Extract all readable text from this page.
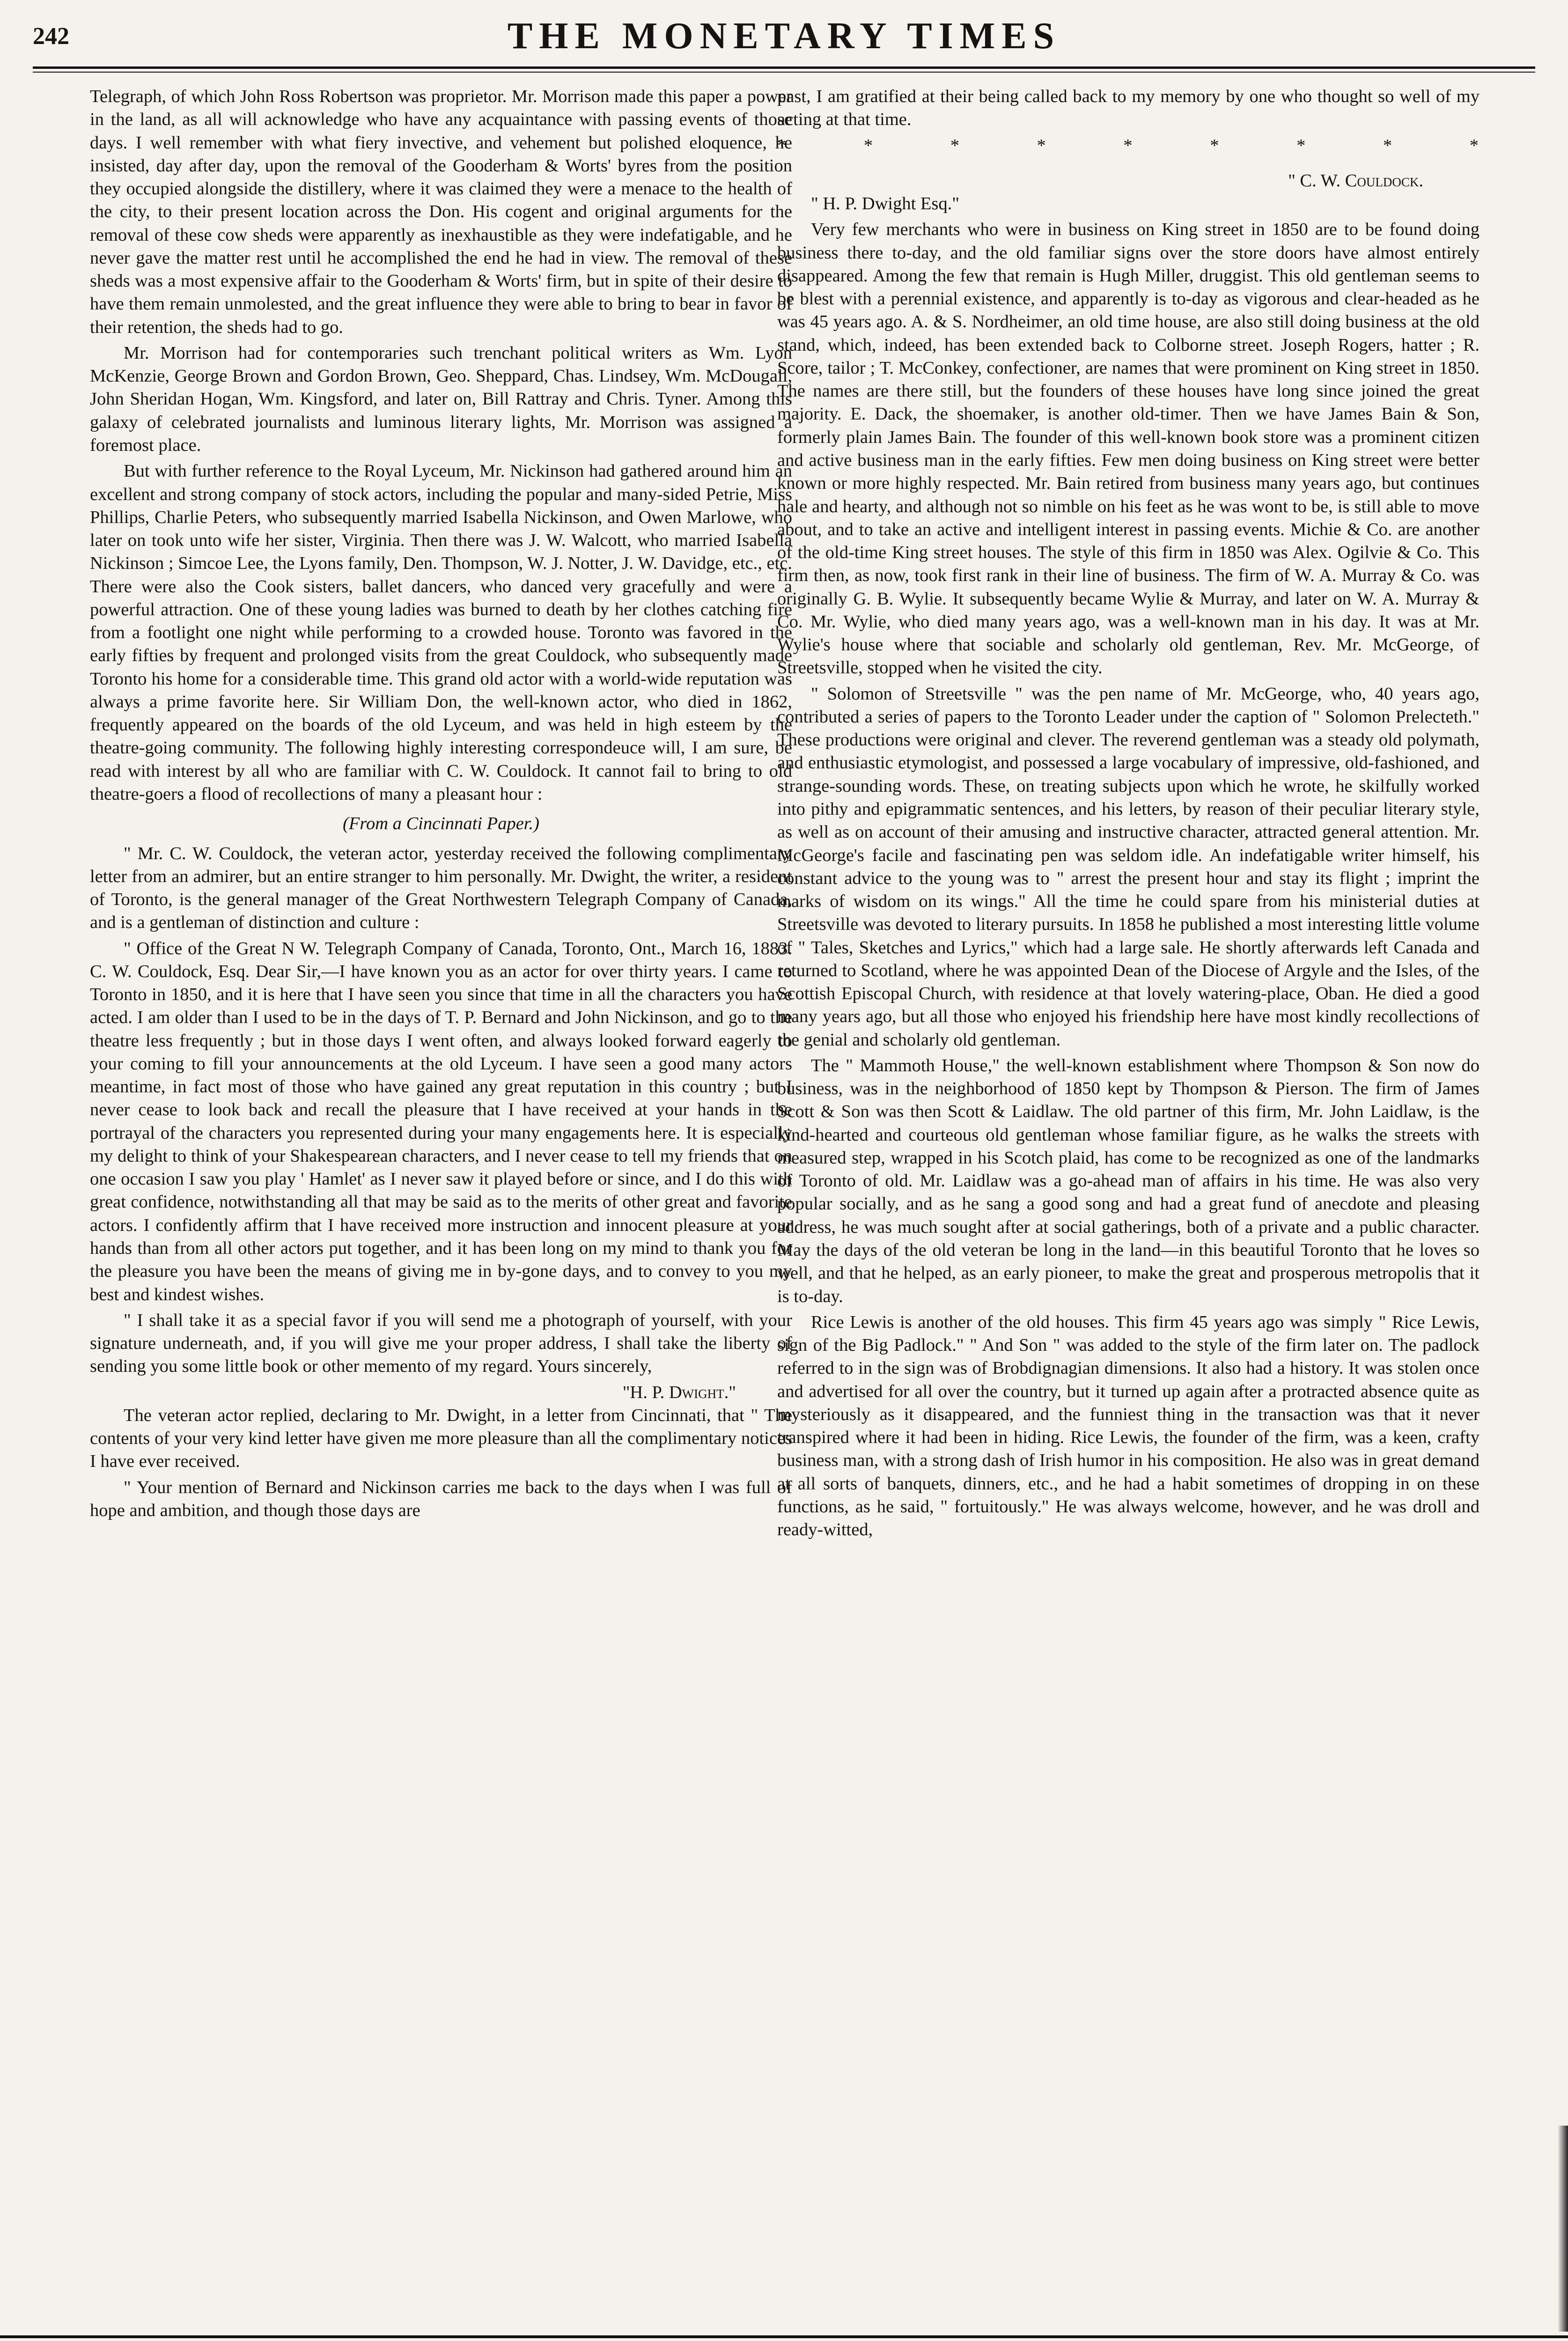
242	THE MONETARY TIMES

Telegraph, of which John Ross Robertson was proprietor. Mr. Morrison made this paper a power in the land, as all will acknowledge who have any acquaintance with passing events of those days. I well remember with what fiery invective, and vehement but polished eloquence, he insisted, day after day, upon the removal of the Gooderham & Worts' byres from the position they occupied alongside the distillery, where it was claimed they were a menace to the health of the city, to their present location across the Don. His cogent and original arguments for the removal of these cow sheds were apparently as inexhaustible as they were indefatigable, and he never gave the matter rest until he accomplished the end he had in view. The removal of these sheds was a most expensive affair to the Gooderham & Worts' firm, but in spite of their desire to have them remain unmolested, and the great influence they were able to bring to bear in favor of their retention, the sheds had to go.

Mr. Morrison had for contemporaries such trenchant political writers as Wm. Lyon McKenzie, George Brown and Gordon Brown, Geo. Sheppard, Chas. Lindsey, Wm. McDougall, John Sheridan Hogan, Wm. Kingsford, and later on, Bill Rattray and Chris. Tyner. Among this galaxy of celebrated journalists and luminous literary lights, Mr. Morrison was assigned a foremost place.

But with further reference to the Royal Lyceum, Mr. Nickinson had gathered around him an excellent and strong company of stock actors, including the popular and many-sided Petrie, Miss Phillips, Charlie Peters, who subsequently married Isabella Nickinson, and Owen Marlowe, who later on took unto wife her sister, Virginia. Then there was J. W. Walcott, who married Isabella Nickinson ; Simcoe Lee, the Lyons family, Den. Thompson, W. J. Notter, J. W. Davidge, etc., etc. There were also the Cook sisters, ballet dancers, who danced very gracefully and were a powerful attraction. One of these young ladies was burned to death by her clothes catching fire from a footlight one night while performing to a crowded house. Toronto was favored in the early fifties by frequent and prolonged visits from the great Couldock, who subsequently made Toronto his home for a considerable time. This grand old actor with a world-wide reputation was always a prime favorite here. Sir William Don, the well-known actor, who died in 1862, frequently appeared on the boards of the old Lyceum, and was held in high esteem by the theatre-going community. The following highly interesting correspondeuce will, I am sure, be read with interest by all who are familiar with C. W. Couldock. It cannot fail to bring to old theatre-goers a flood of recollections of many a pleasant hour :

(From a Cincinnati Paper.)

" Mr. C. W. Couldock, the veteran actor, yesterday received the following complimentary letter from an admirer, but an entire stranger to him personally. Mr. Dwight, the writer, a resident of Toronto, is the general manager of the Great Northwestern Telegraph Company of Canada, and is a gentleman of distinction and culture :

" Office of the Great N W. Telegraph Company of Canada, Toronto, Ont., March 16, 1883. C. W. Couldock, Esq. Dear Sir,—I have known you as an actor for over thirty years. I came to Toronto in 1850, and it is here that I have seen you since that time in all the characters you have acted. I am older than I used to be in the days of T. P. Bernard and John Nickinson, and go to the theatre less frequently ; but in those days I went often, and always looked forward eagerly to your coming to fill your announcements at the old Lyceum. I have seen a good many actors meantime, in fact most of those who have gained any great reputation in this country ; but I never cease to look back and recall the pleasure that I have received at your hands in the portrayal of the characters you represented during your many engagements here. It is especially my delight to think of your Shakespearean characters, and I never cease to tell my friends that on one occasion I saw you play ' Hamlet' as I never saw it played before or since, and I do this with great confidence, notwithstanding all that may be said as to the merits of other great and favorite actors. I confidently affirm that I have received more instruction and innocent pleasure at your hands than from all other actors put together, and it has been long on my mind to thank you for the pleasure you have been the means of giving me in by-gone days, and to convey to you my best and kindest wishes.

" I shall take it as a special favor if you will send me a photograph of yourself, with your signature underneath, and, if you will give me your proper address, I shall take the liberty of sending you some little book or other memento of my regard. Yours sincerely,

"H. P. Dwight."

The veteran actor replied, declaring to Mr. Dwight, in a letter from Cincinnati, that " The contents of your very kind letter have given me more pleasure than all the complimentary notices I have ever received.

" Your mention of Bernard and Nickinson carries me back to the days when I was full of hope and ambition, and though those days are

past, I am gratified at their being called back to my memory by one who thought so well of my acting at that time.

* * * * * * * * *

" C. W. Couldock.

" H. P. Dwight Esq."

Very few merchants who were in business on King street in 1850 are to be found doing business there to-day, and the old familiar signs over the store doors have almost entirely disappeared. Among the few that remain is Hugh Miller, druggist. This old gentleman seems to be blest with a perennial existence, and apparently is to-day as vigorous and clear-headed as he was 45 years ago. A. & S. Nordheimer, an old time house, are also still doing business at the old stand, which, indeed, has been extended back to Colborne street. Joseph Rogers, hatter ; R. Score, tailor ; T. McConkey, confectioner, are names that were prominent on King street in 1850. The names are there still, but the founders of these houses have long since joined the great majority. E. Dack, the shoemaker, is another old-timer. Then we have James Bain & Son, formerly plain James Bain. The founder of this well-known book store was a prominent citizen and active business man in the early fifties. Few men doing business on King street were better known or more highly respected. Mr. Bain retired from business many years ago, but continues hale and hearty, and although not so nimble on his feet as he was wont to be, is still able to move about, and to take an active and intelligent interest in passing events. Michie & Co. are another of the old-time King street houses. The style of this firm in 1850 was Alex. Ogilvie & Co. This firm then, as now, took first rank in their line of business. The firm of W. A. Murray & Co. was originally G. B. Wylie. It subsequently became Wylie & Murray, and later on W. A. Murray & Co. Mr. Wylie, who died many years ago, was a well-known man in his day. It was at Mr. Wylie's house where that sociable and scholarly old gentleman, Rev. Mr. McGeorge, of Streetsville, stopped when he visited the city.

" Solomon of Streetsville " was the pen name of Mr. McGeorge, who, 40 years ago, contributed a series of papers to the Toronto Leader under the caption of " Solomon Prelecteth." These productions were original and clever. The reverend gentleman was a steady old polymath, and enthusiastic etymologist, and possessed a large vocabulary of impressive, old-fashioned, and strange-sounding words. These, on treating subjects upon which he wrote, he skilfully worked into pithy and epigrammatic sentences, and his letters, by reason of their peculiar literary style, as well as on account of their amusing and instructive character, attracted general attention. Mr. McGeorge's facile and fascinating pen was seldom idle. An indefatigable writer himself, his constant advice to the young was to " arrest the present hour and stay its flight ; imprint the marks of wisdom on its wings." All the time he could spare from his ministerial duties at Streetsville was devoted to literary pursuits. In 1858 he published a most interesting little volume of " Tales, Sketches and Lyrics," which had a large sale. He shortly afterwards left Canada and returned to Scotland, where he was appointed Dean of the Diocese of Argyle and the Isles, of the Scottish Episcopal Church, with residence at that lovely watering-place, Oban. He died a good many years ago, but all those who enjoyed his friendship here have most kindly recollections of the genial and scholarly old gentleman.

The " Mammoth House," the well-known establishment where Thompson & Son now do business, was in the neighborhood of 1850 kept by Thompson & Pierson. The firm of James Scott & Son was then Scott & Laidlaw. The old partner of this firm, Mr. John Laidlaw, is the kind-hearted and courteous old gentleman whose familiar figure, as he walks the streets with measured step, wrapped in his Scotch plaid, has come to be recognized as one of the landmarks of Toronto of old. Mr. Laidlaw was a go-ahead man of affairs in his time. He was also very popular socially, and as he sang a good song and had a great fund of anecdote and pleasing address, he was much sought after at social gatherings, both of a private and a public character. May the days of the old veteran be long in the land—in this beautiful Toronto that he loves so well, and that he helped, as an early pioneer, to make the great and prosperous metropolis that it is to-day.

Rice Lewis is another of the old houses. This firm 45 years ago was simply " Rice Lewis, sign of the Big Padlock." " And Son " was added to the style of the firm later on. The padlock referred to in the sign was of Brobdignagian dimensions. It also had a history. It was stolen once and advertised for all over the country, but it turned up again after a protracted absence quite as mysteriously as it disappeared, and the funniest thing in the transaction was that it never transpired where it had been in hiding. Rice Lewis, the founder of the firm, was a keen, crafty business man, with a strong dash of Irish humor in his composition. He also was in great demand at all sorts of banquets, dinners, etc., and he had a habit sometimes of dropping in on these functions, as he said, " fortuitously." He was always welcome, however, and he was droll and ready-witted,
